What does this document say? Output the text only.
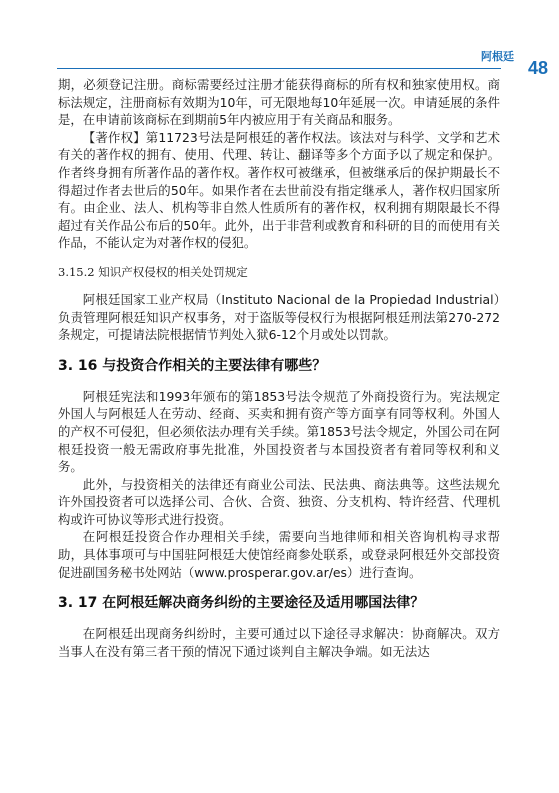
阿根廷
48

期，必须登记注册。商标需要经过注册才能获得商标的所有权和独家使用权。商标法规定，注册商标有效期为10年，可无限地每10年延展一次。申请延展的条件是，在申请前该商标在到期前5年内被应用于有关商品和服务。

【著作权】第11723号法是阿根廷的著作权法。该法对与科学、文学和艺术有关的著作权的拥有、使用、代理、转让、翻译等多个方面予以了规定和保护。作者终身拥有所著作品的著作权。著作权可被继承，但被继承后的保护期最长不得超过作者去世后的50年。如果作者在去世前没有指定继承人，著作权归国家所有。由企业、法人、机构等非自然人性质所有的著作权，权利拥有期限最长不得超过有关作品公布后的50年。此外，出于非营利或教育和科研的目的而使用有关作品，不能认定为对著作权的侵犯。

3.15.2 知识产权侵权的相关处罚规定

阿根廷国家工业产权局（Instituto Nacional de la Propiedad Industrial）负责管理阿根廷知识产权事务，对于盗版等侵权行为根据阿根廷刑法第270-272条规定，可提请法院根据情节判处入狱6-12个月或处以罚款。

3. 16 与投资合作相关的主要法律有哪些？

阿根廷宪法和1993年颁布的第1853号法令规范了外商投资行为。宪法规定外国人与阿根廷人在劳动、经商、买卖和拥有资产等方面享有同等权利。外国人的产权不可侵犯，但必须依法办理有关手续。第1853号法令规定，外国公司在阿根廷投资一般无需政府事先批准，外国投资者与本国投资者有着同等权利和义务。

此外，与投资相关的法律还有商业公司法、民法典、商法典等。这些法规允许外国投资者可以选择公司、合伙、合资、独资、分支机构、特许经营、代理机构或许可协议等形式进行投资。

在阿根廷投资合作办理相关手续，需要向当地律师和相关咨询机构寻求帮助，具体事项可与中国驻阿根廷大使馆经商参处联系，或登录阿根廷外交部投资促进副国务秘书处网站（www.prosperar.gov.ar/es）进行查询。

3. 17 在阿根廷解决商务纠纷的主要途径及适用哪国法律？

在阿根廷出现商务纠纷时，主要可通过以下途径寻求解决：协商解决。双方当事人在没有第三者干预的情况下通过谈判自主解决争端。如无法达
